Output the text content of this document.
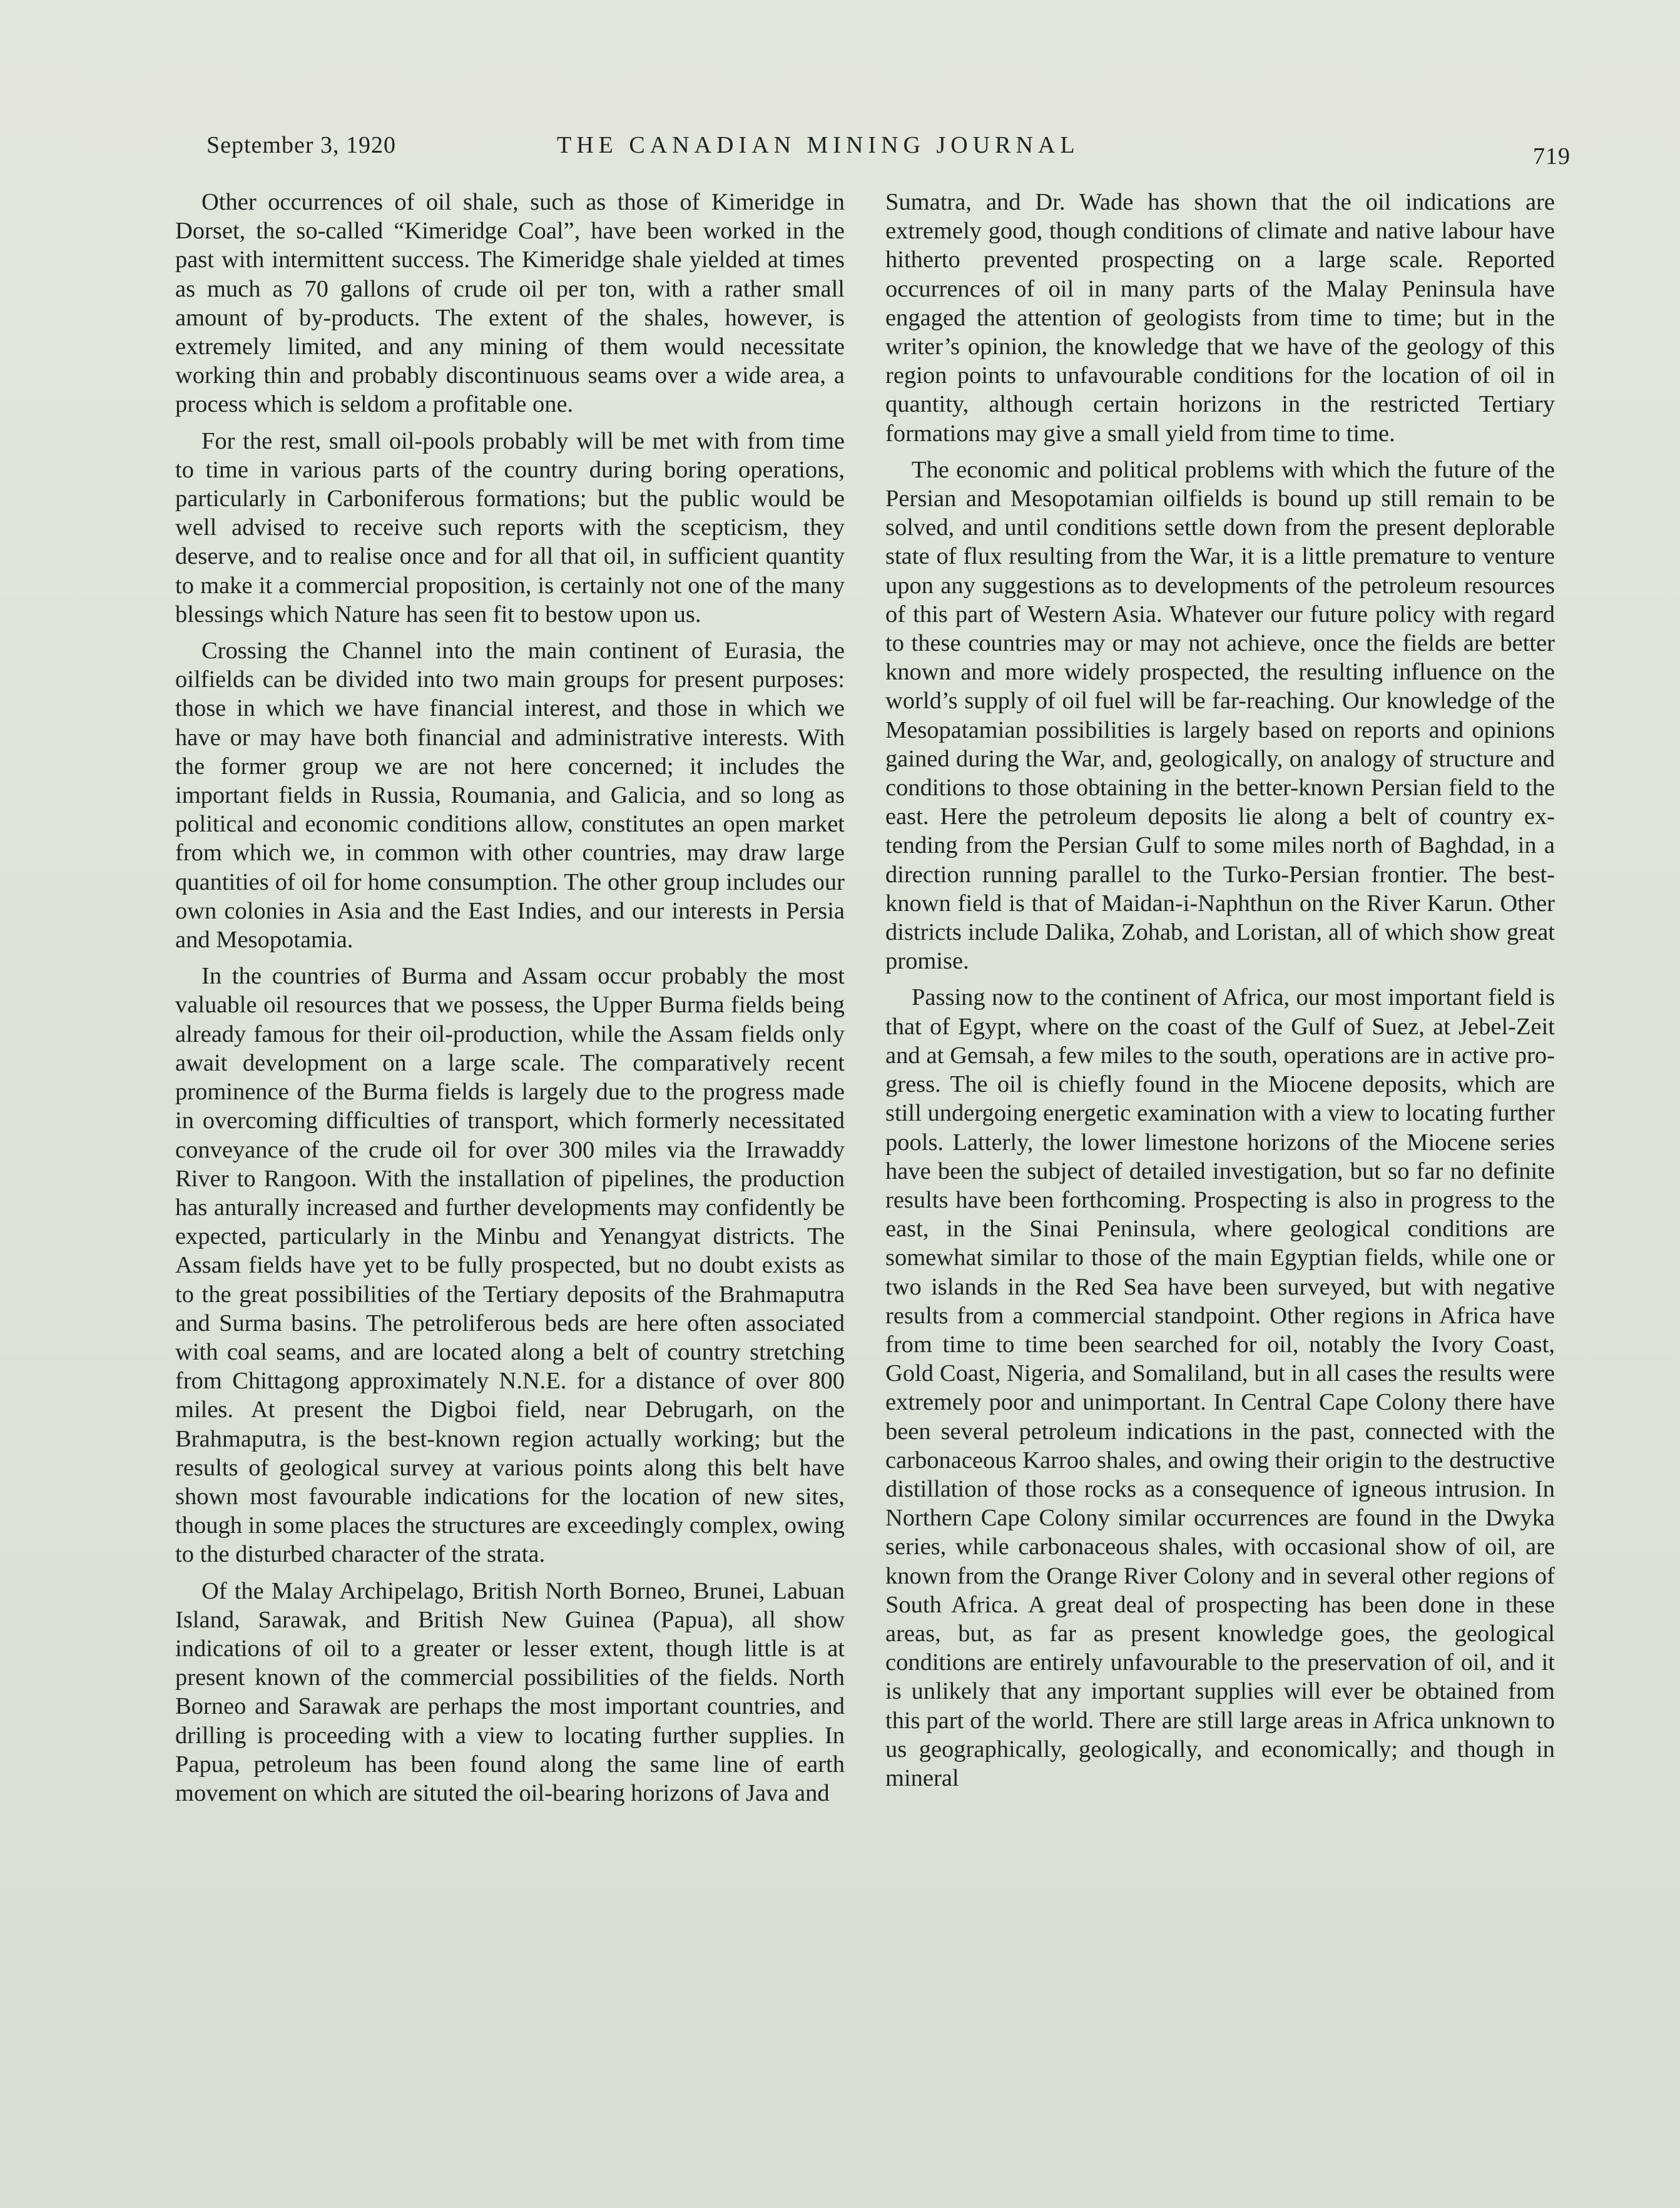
September 3, 1920	THE CANADIAN MINING JOURNAL	719

Other occurrences of oil shale, such as those of Kimeridge in Dorset, the so-called “Kimeridge Coal”, have been worked in the past with intermittent success. The Kimeridge shale yielded at times as much as 70 gallons of crude oil per ton, with a rather small amount of by-products. The extent of the shales, however, is extremely limited, and any mining of them would necessitate working thin and probably discontinuous seams over a wide area, a process which is seldom a profitable one.

For the rest, small oil-pools probably will be met with from time to time in various parts of the country during boring operations, particularly in Carboniferous formations; but the public would be well advised to receive such reports with the scepticism, they deserve, and to realise once and for all that oil, in sufficient quantity to make it a commercial proposition, is certainly not one of the many blessings which Nature has seen fit to bestow upon us.

Crossing the Channel into the main continent of Eurasia, the oilfields can be divided into two main groups for present purposes: those in which we have financial interest, and those in which we have or may have both financial and administrative interests. With the former group we are not here concerned; it includes the important fields in Russia, Roumania, and Galicia, and so long as political and economic conditions allow, constitutes an open market from which we, in common with other countries, may draw large quantities of oil for home consumption. The other group includes our own colonies in Asia and the East Indies, and our interests in Persia and Mesopotamia.

In the countries of Burma and Assam occur probably the most valuable oil resources that we possess, the Upper Burma fields being already famous for their oil-production, while the Assam fields only await development on a large scale. The comparatively recent prominence of the Burma fields is largely due to the progress made in overcoming difficulties of transport, which formerly necessitated conveyance of the crude oil for over 300 miles via the Irrawaddy River to Rangoon. With the installation of pipelines, the production has anturally increased and further developments may confidently be expected, particularly in the Minbu and Yenangyat districts. The Assam fields have yet to be fully prospected, but no doubt exists as to the great possibilities of the Tertiary deposits of the Brahmaputra and Surma basins. The petroliferous beds are here often associated with coal seams, and are located along a belt of country stretching from Chittagong approximately N.N.E. for a distance of over 800 miles. At present the Digboi field, near Debrugarh, on the Brahmaputra, is the best-known region actually working; but the results of geological survey at various points along this belt have shown most favourable indications for the location of new sites, though in some places the structures are exceedingly complex, owing to the disturbed character of the strata.

Of the Malay Archipelago, British North Borneo, Brunei, Labuan Island, Sarawak, and British New Guinea (Papua), all show indications of oil to a greater or lesser extent, though little is at present known of the commercial possibilities of the fields. North Borneo and Sarawak are perhaps the most important countries, and drilling is proceeding with a view to locating further supplies. In Papua, petroleum has been found along the same line of earth movement on which are situted the oil-bearing horizons of Java and

Sumatra, and Dr. Wade has shown that the oil indications are extremely good, though conditions of climate and native labour have hitherto prevented prospecting on a large scale. Reported occurrences of oil in many parts of the Malay Peninsula have engaged the attention of geologists from time to time; but in the writer’s opinion, the knowledge that we have of the geology of this region points to unfavourable conditions for the location of oil in quantity, although certain horizons in the restricted Tertiary formations may give a small yield from time to time.

The economic and political problems with which the future of the Persian and Mesopotamian oilfields is bound up still remain to be solved, and until conditions settle down from the present deplorable state of flux resulting from the War, it is a little premature to venture upon any suggestions as to developments of the petroleum resources of this part of Western Asia. Whatever our future policy with regard to these countries may or may not achieve, once the fields are better known and more widely prospected, the resulting influence on the world’s supply of oil fuel will be far-reaching. Our knowledge of the Mesopatamian possibilities is largely based on reports and opinions gained during the War, and, geologically, on analogy of structure and conditions to those obtaining in the better-known Persian field to the east. Here the petroleum deposits lie along a belt of country extending from the Persian Gulf to some miles north of Baghdad, in a direction running parallel to the Turko-Persian frontier. The best-known field is that of Maidan-i-Naphthun on the River Karun. Other districts include Dalika, Zohab, and Loristan, all of which show great promise.

Passing now to the continent of Africa, our most important field is that of Egypt, where on the coast of the Gulf of Suez, at Jebel-Zeit and at Gemsah, a few miles to the south, operations are in active progress. The oil is chiefly found in the Miocene deposits, which are still undergoing energetic examination with a view to locating further pools. Latterly, the lower limestone horizons of the Miocene series have been the subject of detailed investigation, but so far no definite results have been forthcoming. Prospecting is also in progress to the east, in the Sinai Peninsula, where geological conditions are somewhat similar to those of the main Egyptian fields, while one or two islands in the Red Sea have been surveyed, but with negative results from a commercial standpoint. Other regions in Africa have from time to time been searched for oil, notably the Ivory Coast, Gold Coast, Nigeria, and Somaliland, but in all cases the results were extremely poor and unimportant. In Central Cape Colony there have been several petroleum indications in the past, connected with the carbonaceous Karroo shales, and owing their origin to the destructive distillation of those rocks as a consequence of igneous intrusion. In Northern Cape Colony similar occurrences are found in the Dwyka series, while carbonaceous shales, with occasional show of oil, are known from the Orange River Colony and in several other regions of South Africa. A great deal of prospecting has been done in these areas, but, as far as present knowledge goes, the geological conditions are entirely unfavourable to the preservation of oil, and it is unlikely that any important supplies will ever be obtained from this part of the world. There are still large areas in Africa unknown to us geographically, geologically, and economically; and though in mineral
